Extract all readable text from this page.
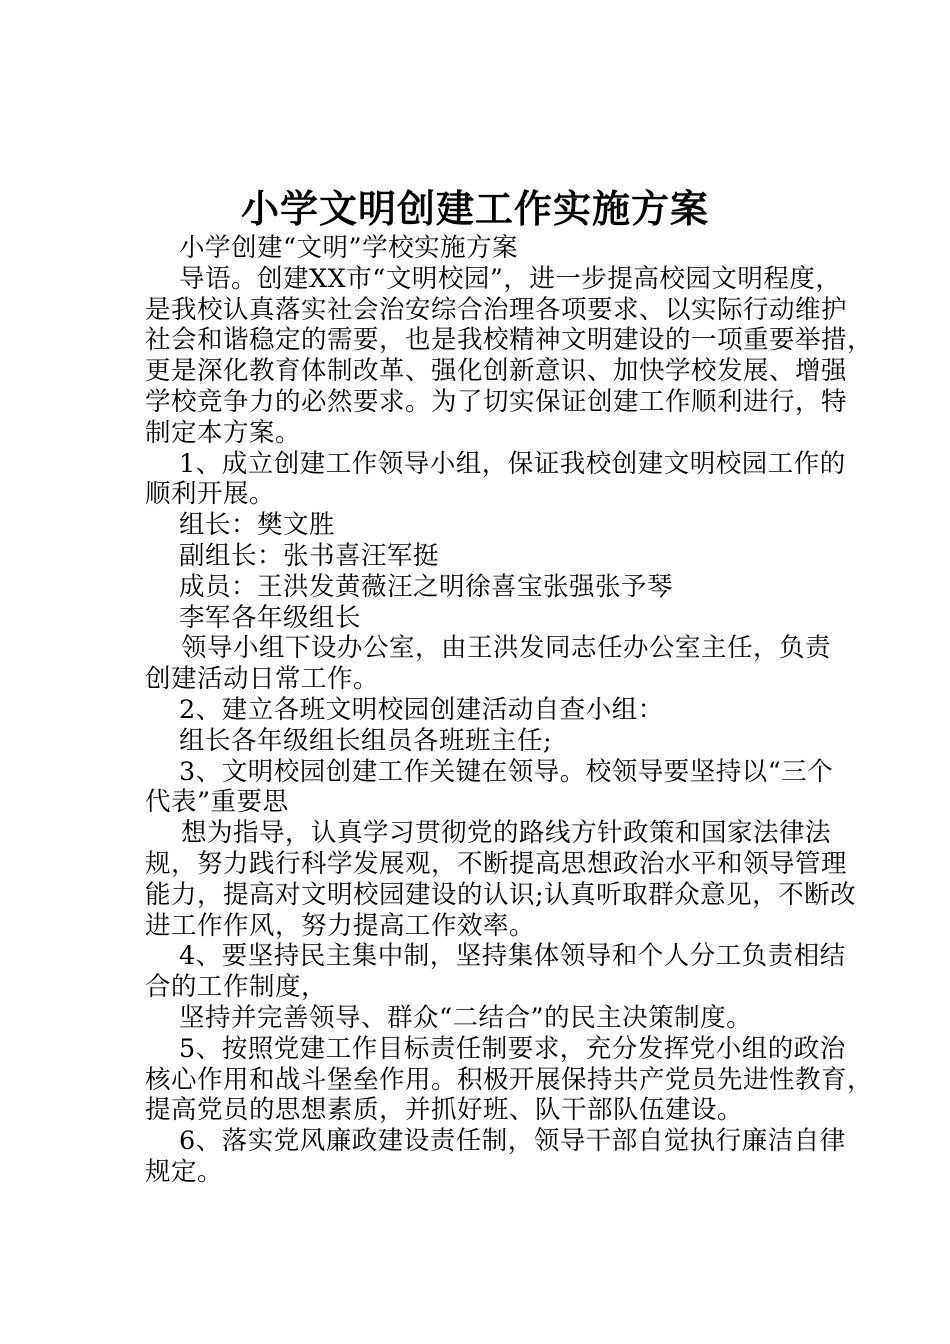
小学文明创建工作实施方案
小学创建“文明”学校实施方案
导语。创建XX市“文明校园”，进一步提高校园文明程度，
是我校认真落实社会治安综合治理各项要求、以实际行动维护
社会和谐稳定的需要，也是我校精神文明建设的一项重要举措，
更是深化教育体制改革、强化创新意识、加快学校发展、增强
学校竞争力的必然要求。为了切实保证创建工作顺利进行，特
制定本方案。
1、成立创建工作领导小组，保证我校创建文明校园工作的
顺利开展。
组长：樊文胜
副组长：张书喜汪军挺
成员：王洪发黄薇汪之明徐喜宝张强张予琴
李军各年级组长
领导小组下设办公室，由王洪发同志任办公室主任，负责
创建活动日常工作。
2、建立各班文明校园创建活动自查小组：
组长各年级组长组员各班班主任;
3、文明校园创建工作关键在领导。校领导要坚持以“三个
代表”重要思
想为指导，认真学习贯彻党的路线方针政策和国家法律法
规，努力践行科学发展观，不断提高思想政治水平和领导管理
能力，提高对文明校园建设的认识;认真听取群众意见，不断改
进工作作风，努力提高工作效率。
4、要坚持民主集中制，坚持集体领导和个人分工负责相结
合的工作制度，
坚持并完善领导、群众“二结合”的民主决策制度。
5、按照党建工作目标责任制要求，充分发挥党小组的政治
核心作用和战斗堡垒作用。积极开展保持共产党员先进性教育，
提高党员的思想素质，并抓好班、队干部队伍建设。
6、落实党风廉政建设责任制，领导干部自觉执行廉洁自律
规定。
